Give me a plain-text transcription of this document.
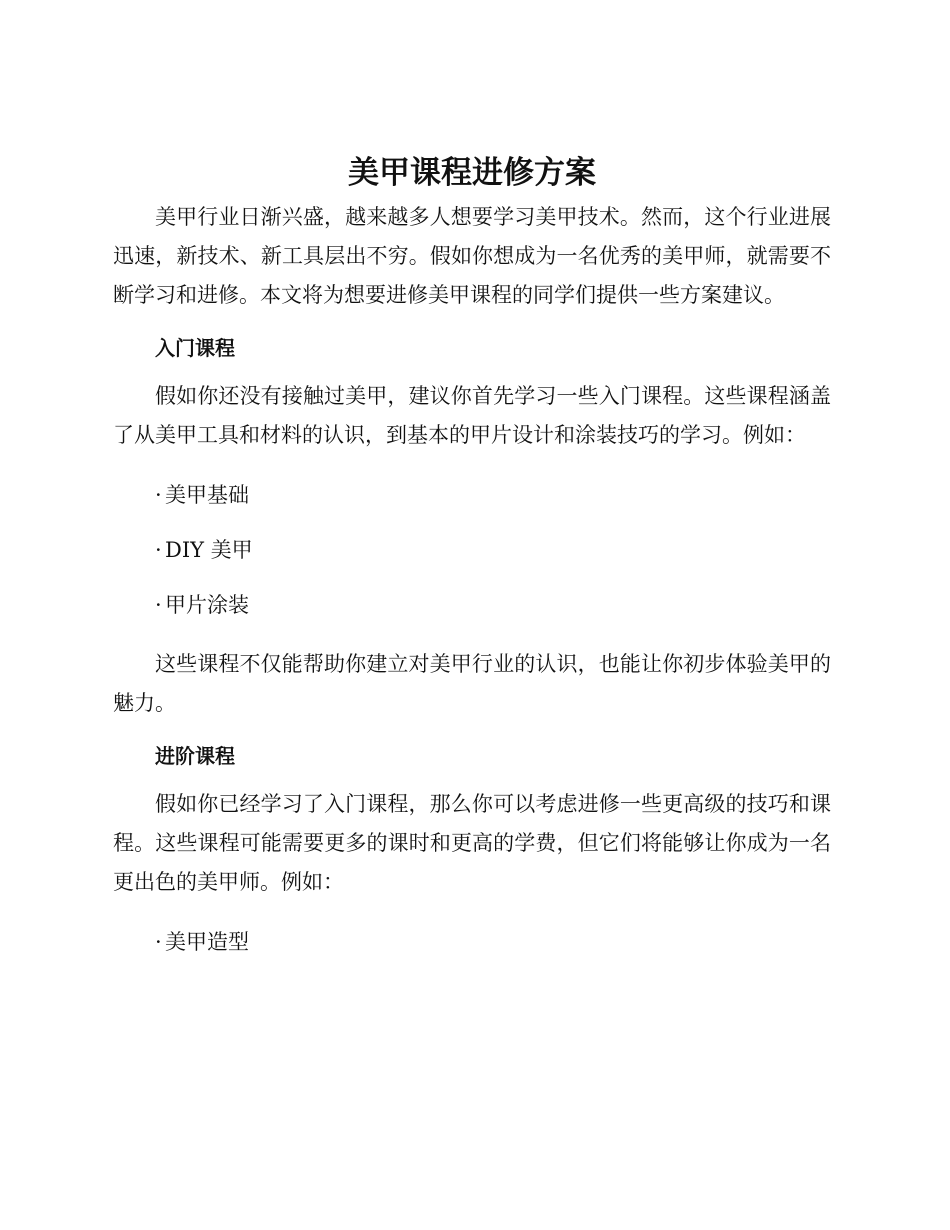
美甲课程进修方案

美甲行业日渐兴盛，越来越多人想要学习美甲技术。然而，这个行业进展迅速，新技术、新工具层出不穷。假如你想成为一名优秀的美甲师，就需要不断学习和进修。本文将为想要进修美甲课程的同学们提供一些方案建议。

入门课程

假如你还没有接触过美甲，建议你首先学习一些入门课程。这些课程涵盖了从美甲工具和材料的认识，到基本的甲片设计和涂装技巧的学习。例如：

· 美甲基础
· DIY 美甲
· 甲片涂装

这些课程不仅能帮助你建立对美甲行业的认识，也能让你初步体验美甲的魅力。

进阶课程

假如你已经学习了入门课程，那么你可以考虑进修一些更高级的技巧和课程。这些课程可能需要更多的课时和更高的学费，但它们将能够让你成为一名更出色的美甲师。例如：

· 美甲造型
